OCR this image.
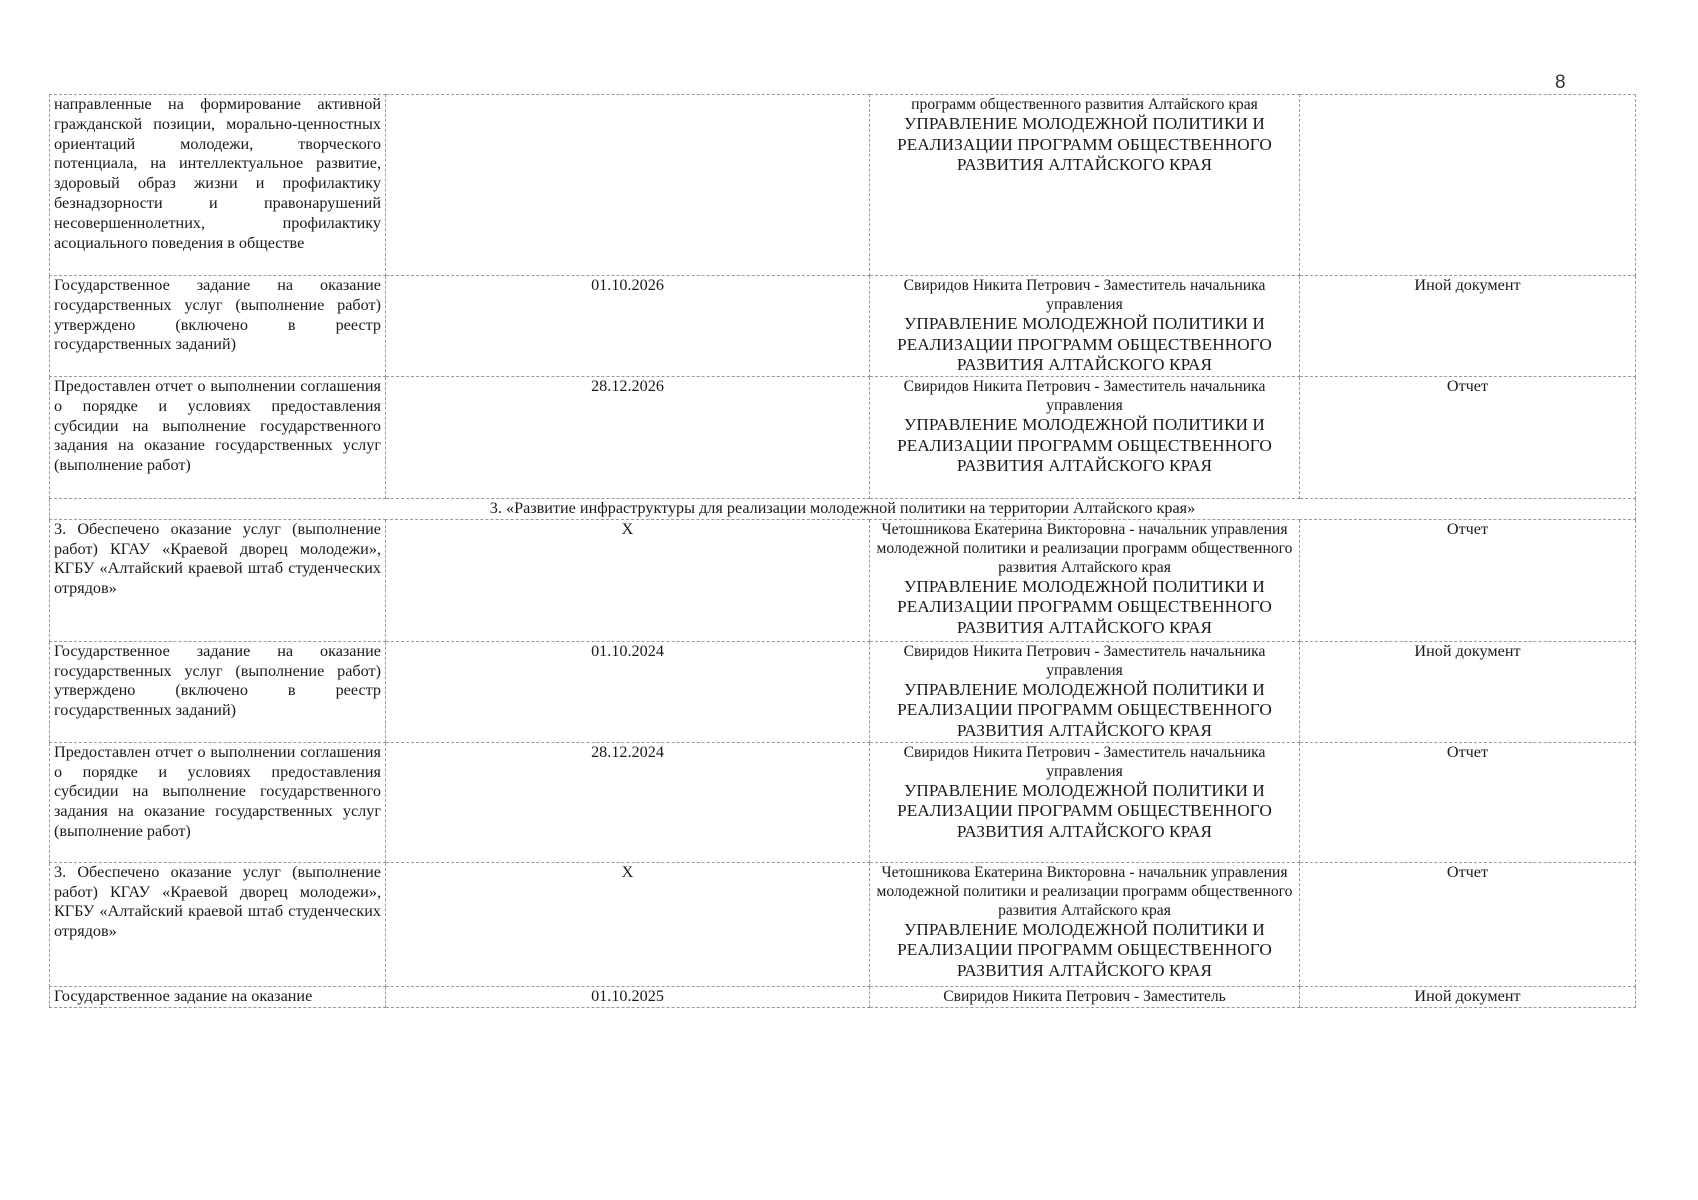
8
направленные на формирование активной гражданской позиции, морально-ценностных ориентаций молодежи, творческого потенциала, на интеллектуальное развитие, здоровый образ жизни и профилактику безнадзорности и правонарушений несовершеннолетних, профилактику асоциального поведения в обществе		программ общественного развития Алтайского края
УПРАВЛЕНИЕ МОЛОДЕЖНОЙ ПОЛИТИКИ И РЕАЛИЗАЦИИ ПРОГРАММ ОБЩЕСТВЕННОГО РАЗВИТИЯ АЛТАЙСКОГО КРАЯ	

Государственное задание на оказание государственных услуг (выполнение работ) утверждено (включено в реестр государственных заданий)	01.10.2026	Свиридов Никита Петрович - Заместитель начальника управления
УПРАВЛЕНИЕ МОЛОДЕЖНОЙ ПОЛИТИКИ И РЕАЛИЗАЦИИ ПРОГРАММ ОБЩЕСТВЕННОГО РАЗВИТИЯ АЛТАЙСКОГО КРАЯ	Иной документ
Предоставлен отчет о выполнении соглашения о порядке и условиях предоставления субсидии на выполнение государственного задания на оказание государственных услуг (выполнение работ)	28.12.2026	Свиридов Никита Петрович - Заместитель начальника управления
УПРАВЛЕНИЕ МОЛОДЕЖНОЙ ПОЛИТИКИ И РЕАЛИЗАЦИИ ПРОГРАММ ОБЩЕСТВЕННОГО РАЗВИТИЯ АЛТАЙСКОГО КРАЯ	Отчет
3. «Развитие инфраструктуры для реализации молодежной политики на территории Алтайского края»			
3. Обеспечено оказание услуг (выполнение работ) КГАУ «Краевой дворец молодежи», КГБУ «Алтайский краевой штаб студенческих отрядов»	Х	Четошникова Екатерина Викторовна - начальник управления молодежной политики и реализации программ общественного развития Алтайского края
УПРАВЛЕНИЕ МОЛОДЕЖНОЙ ПОЛИТИКИ И РЕАЛИЗАЦИИ ПРОГРАММ ОБЩЕСТВЕННОГО РАЗВИТИЯ АЛТАЙСКОГО КРАЯ	Отчет
Государственное задание на оказание государственных услуг (выполнение работ) утверждено (включено в реестр государственных заданий)	01.10.2024	Свиридов Никита Петрович - Заместитель начальника управления
УПРАВЛЕНИЕ МОЛОДЕЖНОЙ ПОЛИТИКИ И РЕАЛИЗАЦИИ ПРОГРАММ ОБЩЕСТВЕННОГО РАЗВИТИЯ АЛТАЙСКОГО КРАЯ	Иной документ
Предоставлен отчет о выполнении соглашения о порядке и условиях предоставления субсидии на выполнение государственного задания на оказание государственных услуг (выполнение работ)	28.12.2024	Свиридов Никита Петрович - Заместитель начальника управления
УПРАВЛЕНИЕ МОЛОДЕЖНОЙ ПОЛИТИКИ И РЕАЛИЗАЦИИ ПРОГРАММ ОБЩЕСТВЕННОГО РАЗВИТИЯ АЛТАЙСКОГО КРАЯ	Отчет
3. Обеспечено оказание услуг (выполнение работ) КГАУ «Краевой дворец молодежи», КГБУ «Алтайский краевой штаб студенческих отрядов»	Х	Четошникова Екатерина Викторовна - начальник управления молодежной политики и реализации программ общественного развития Алтайского края
УПРАВЛЕНИЕ МОЛОДЕЖНОЙ ПОЛИТИКИ И РЕАЛИЗАЦИИ ПРОГРАММ ОБЩЕСТВЕННОГО РАЗВИТИЯ АЛТАЙСКОГО КРАЯ	Отчет
Государственное задание на оказание	01.10.2025	Свиридов Никита Петрович - Заместитель	Иной документ
